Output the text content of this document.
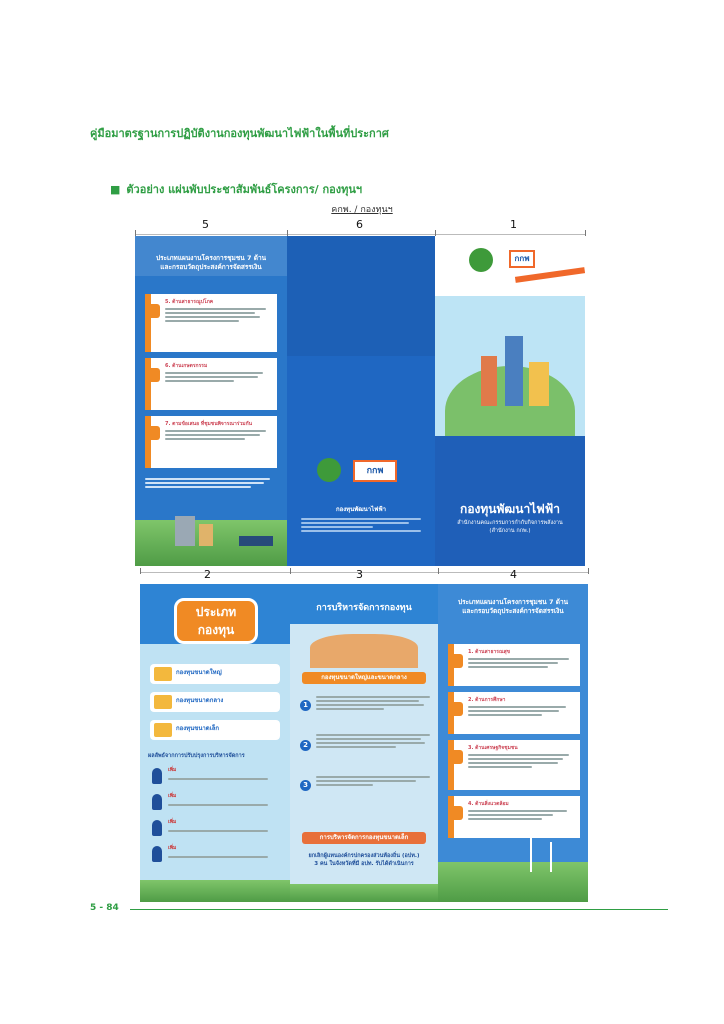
คู่มือมาตรฐานการปฏิบัติงานกองทุนพัฒนาไฟฟ้าในพื้นที่ประกาศ
■ ตัวอย่าง แผ่นพับประชาสัมพันธ์โครงการ/ กองทุนฯ
คกพ. / กองทุนฯ
5	6	1
ประเภทแผนงานโครงการชุมชน 7 ด้าน
และกรอบวัตถุประสงค์การจัดสรรเงิน
5. ด้านสาธารณูปโภค
6. ด้านเกษตรกรรม
7. ตามข้อเสนอ ที่ชุมชนพิจารณาร่วมกัน
กกพ
กองทุนพัฒนาไฟฟ้า
กกพ
กองทุนพัฒนาไฟฟ้า
สำนักงานคณะกรรมการกำกับกิจการพลังงาน
(สำนักงาน กกพ.)
2	3	4
ประเภท
กองทุน
กองทุนขนาดใหญ่
กองทุนขนาดกลาง
กองทุนขนาดเล็ก
ผลลัพธ์จากการปรับปรุงการบริหารจัดการ
เพิ่ม
เพิ่ม
เพิ่ม
เพิ่ม
การบริหารจัดการกองทุน
กองทุนขนาดใหญ่และขนาดกลาง
1
2
3
การบริหารจัดการกองทุนขนาดเล็ก
ยกเลิกผู้แทนองค์กรปกครองส่วนท้องถิ่น (อปท.)
3 คน ในจังหวัดที่มี อปท. รับได้ดำเนินการ
ประเภทแผนงานโครงการชุมชน 7 ด้าน
และกรอบวัตถุประสงค์การจัดสรรเงิน
1. ด้านสาธารณสุข
2. ด้านการศึกษา
3. ด้านเศรษฐกิจชุมชน
4. ด้านสิ่งแวดล้อม
5 - 84
